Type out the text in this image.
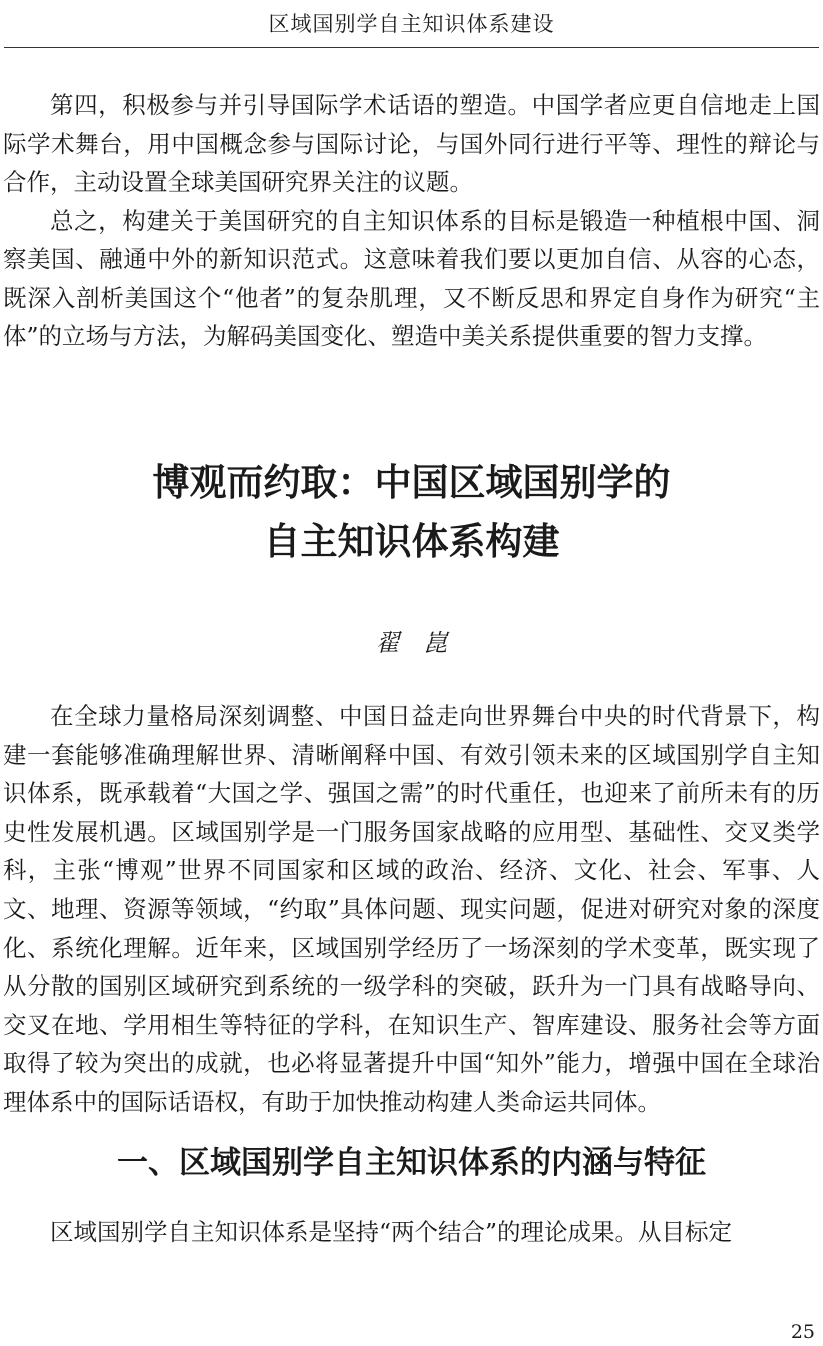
区域国别学自主知识体系建设

第四，积极参与并引导国际学术话语的塑造。中国学者应更自信地走上国际学术舞台，用中国概念参与国际讨论，与国外同行进行平等、理性的辩论与合作，主动设置全球美国研究界关注的议题。

总之，构建关于美国研究的自主知识体系的目标是锻造一种植根中国、洞察美国、融通中外的新知识范式。这意味着我们要以更加自信、从容的心态，既深入剖析美国这个“他者”的复杂肌理，又不断反思和界定自身作为研究“主体”的立场与方法，为解码美国变化、塑造中美关系提供重要的智力支撑。

博观而约取：中国区域国别学的
自主知识体系构建
翟崑

在全球力量格局深刻调整、中国日益走向世界舞台中央的时代背景下，构建一套能够准确理解世界、清晰阐释中国、有效引领未来的区域国别学自主知识体系，既承载着“大国之学、强国之需”的时代重任，也迎来了前所未有的历史性发展机遇。区域国别学是一门服务国家战略的应用型、基础性、交叉类学科，主张“博观”世界不同国家和区域的政治、经济、文化、社会、军事、人文、地理、资源等领域，“约取”具体问题、现实问题，促进对研究对象的深度化、系统化理解。近年来，区域国别学经历了一场深刻的学术变革，既实现了从分散的国别区域研究到系统的一级学科的突破，跃升为一门具有战略导向、交叉在地、学用相生等特征的学科，在知识生产、智库建设、服务社会等方面取得了较为突出的成就，也必将显著提升中国“知外”能力，增强中国在全球治理体系中的国际话语权，有助于加快推动构建人类命运共同体。

一、区域国别学自主知识体系的内涵与特征

区域国别学自主知识体系是坚持“两个结合”的理论成果。从目标定

25
